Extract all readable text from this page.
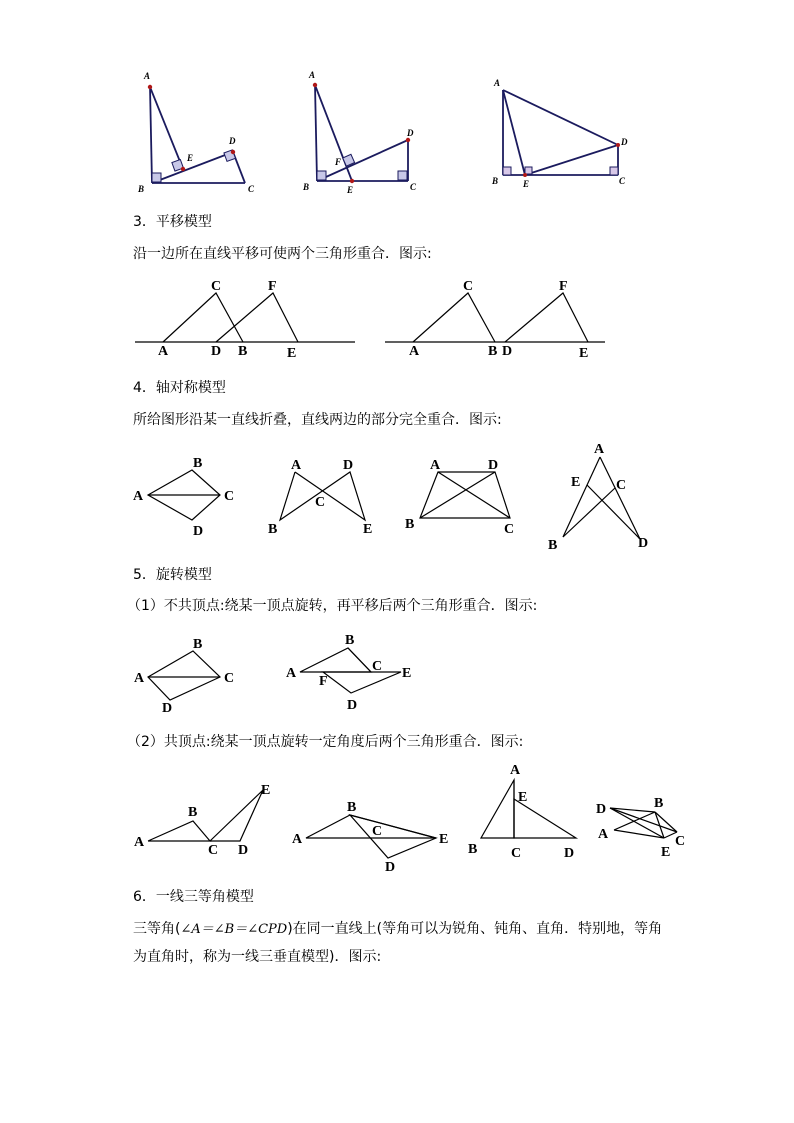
A
B	C
D
E
A
B	C
D
E
F
A
B	C
D
E
3．平移模型
沿一边所在直线平移可使两个三角形重合．图示:
A
C
D B
F
E	A
C
B D
F
E
4．轴对称模型
所给图形沿某一直线折叠，直线两边的部分完全重合．图示:
A
B
C
D
A	D
C
B	E
A	D
B	C
A
E	C
B	D
5．旋转模型
（1）不共顶点:绕某一顶点旋转，再平移后两个三角形重合．图示:
A
B
C
D
A
B
C E
F
D
（2）共顶点:绕某一顶点旋转一定角度后两个三角形重合．图示:
A
B
C D
E
A
B
C
E
D
A
E
B C	D
D	B
A	C
E
6．一线三等角模型
三等角(∠A＝∠B＝∠CPD)在同一直线上(等角可以为锐角、钝角、直角．特别地，等角
为直角时，称为一线三垂直模型)．图示:
